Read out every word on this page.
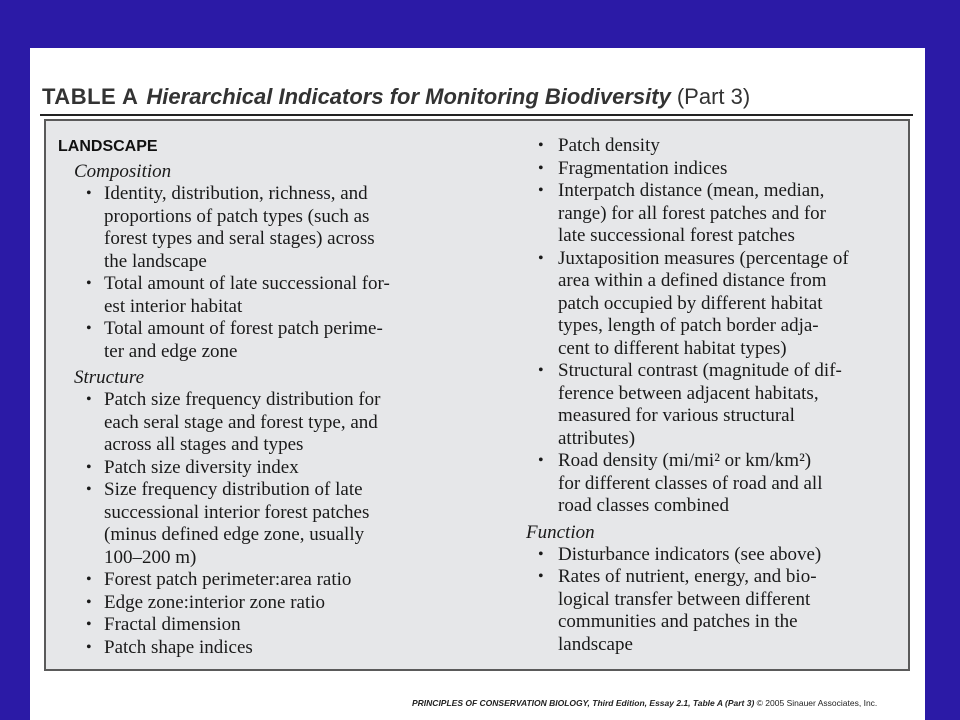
TABLE A Hierarchical Indicators for Monitoring Biodiversity (Part 3)
LANDSCAPE
Composition
• Identity, distribution, richness, and
proportions of patch types (such as
forest types and seral stages) across
the landscape
• Total amount of late successional for-
est interior habitat
• Total amount of forest patch perime-
ter and edge zone
Structure
• Patch size frequency distribution for
each seral stage and forest type, and
across all stages and types
• Patch size diversity index
• Size frequency distribution of late
successional interior forest patches
(minus defined edge zone, usually
100–200 m)
• Forest patch perimeter:area ratio
• Edge zone:interior zone ratio
• Fractal dimension
• Patch shape indices
• Patch density
• Fragmentation indices
• Interpatch distance (mean, median,
range) for all forest patches and for
late successional forest patches
• Juxtaposition measures (percentage of
area within a defined distance from
patch occupied by different habitat
types, length of patch border adja-
cent to different habitat types)
• Structural contrast (magnitude of dif-
ference between adjacent habitats,
measured for various structural
attributes)
• Road density (mi/mi² or km/km²)
for different classes of road and all
road classes combined
Function
• Disturbance indicators (see above)
• Rates of nutrient, energy, and bio-
logical transfer between different
communities and patches in the
landscape
PRINCIPLES OF CONSERVATION BIOLOGY, Third Edition, Essay 2.1, Table A (Part 3) © 2005 Sinauer Associates, Inc.
